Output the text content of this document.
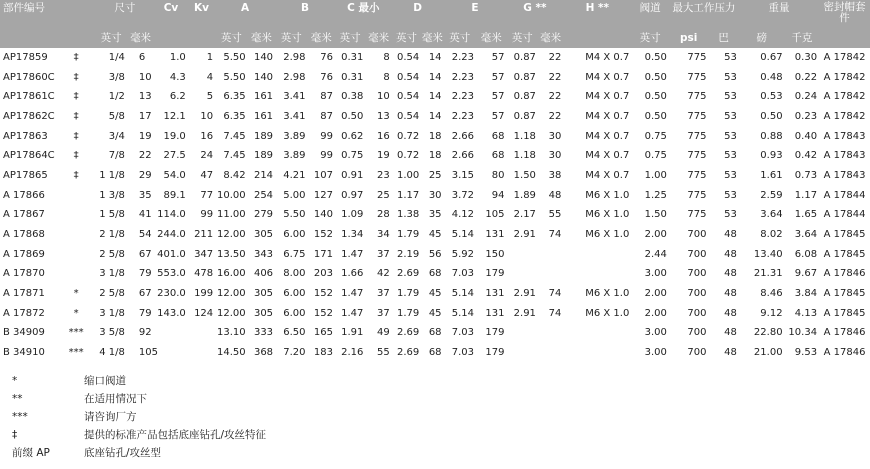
部件编号		尺寸		Cv	Kv	A		B		C 最小		D		E		G **		H **	阀道	最大工作压力		重量		密封帽套件
		英寸	毫米			英寸	毫米	英寸	毫米	英寸	毫米	英寸	毫米	英寸	毫米	英寸	毫米		英寸	psi	巴	磅	千克	
AP17859	‡	1/4	6	1.0	1	5.50	140	2.98	76	0.31	8	0.54	14	2.23	57	0.87	22	M4 X 0.7	0.50	775	53	0.67	0.30	A 17842
AP17860C	‡	3/8	10	4.3	4	5.50	140	2.98	76	0.31	8	0.54	14	2.23	57	0.87	22	M4 X 0.7	0.50	775	53	0.48	0.22	A 17842
AP17861C	‡	1/2	13	6.2	5	6.35	161	3.41	87	0.38	10	0.54	14	2.23	57	0.87	22	M4 X 0.7	0.50	775	53	0.53	0.24	A 17842
AP17862C	‡	5/8	17	12.1	10	6.35	161	3.41	87	0.50	13	0.54	14	2.23	57	0.87	22	M4 X 0.7	0.50	775	53	0.50	0.23	A 17842
AP17863	‡	3/4	19	19.0	16	7.45	189	3.89	99	0.62	16	0.72	18	2.66	68	1.18	30	M4 X 0.7	0.75	775	53	0.88	0.40	A 17843
AP17864C	‡	7/8	22	27.5	24	7.45	189	3.89	99	0.75	19	0.72	18	2.66	68	1.18	30	M4 X 0.7	0.75	775	53	0.93	0.42	A 17843
AP17865	‡	1 1/8	29	54.0	47	8.42	214	4.21	107	0.91	23	1.00	25	3.15	80	1.50	38	M4 X 0.7	1.00	775	53	1.61	0.73	A 17843
A 17866		1 3/8	35	89.1	77	10.00	254	5.00	127	0.97	25	1.17	30	3.72	94	1.89	48	M6 X 1.0	1.25	775	53	2.59	1.17	A 17844
A 17867		1 5/8	41	114.0	99	11.00	279	5.50	140	1.09	28	1.38	35	4.12	105	2.17	55	M6 X 1.0	1.50	775	53	3.64	1.65	A 17844
A 17868		2 1/8	54	244.0	211	12.00	305	6.00	152	1.34	34	1.79	45	5.14	131	2.91	74	M6 X 1.0	2.00	700	48	8.02	3.64	A 17845
A 17869		2 5/8	67	401.0	347	13.50	343	6.75	171	1.47	37	2.19	56	5.92	150				2.44	700	48	13.40	6.08	A 17845
A 17870		3 1/8	79	553.0	478	16.00	406	8.00	203	1.66	42	2.69	68	7.03	179				3.00	700	48	21.31	9.67	A 17846
A 17871	*	2 5/8	67	230.0	199	12.00	305	6.00	152	1.47	37	1.79	45	5.14	131	2.91	74	M6 X 1.0	2.00	700	48	8.46	3.84	A 17845
A 17872	*	3 1/8	79	143.0	124	12.00	305	6.00	152	1.47	37	1.79	45	5.14	131	2.91	74	M6 X 1.0	2.00	700	48	9.12	4.13	A 17845
B 34909	***	3 5/8	92			13.10	333	6.50	165	1.91	49	2.69	68	7.03	179				3.00	700	48	22.80	10.34	A 17846
B 34910	***	4 1/8	105			14.50	368	7.20	183	2.16	55	2.69	68	7.03	179				3.00	700	48	21.00	9.53	A 17846
*	缩口阀道
**	在适用情况下
***	请咨询厂方
‡	提供的标准产品包括底座钻孔/攻丝特征
前缀 AP	底座钻孔/攻丝型
